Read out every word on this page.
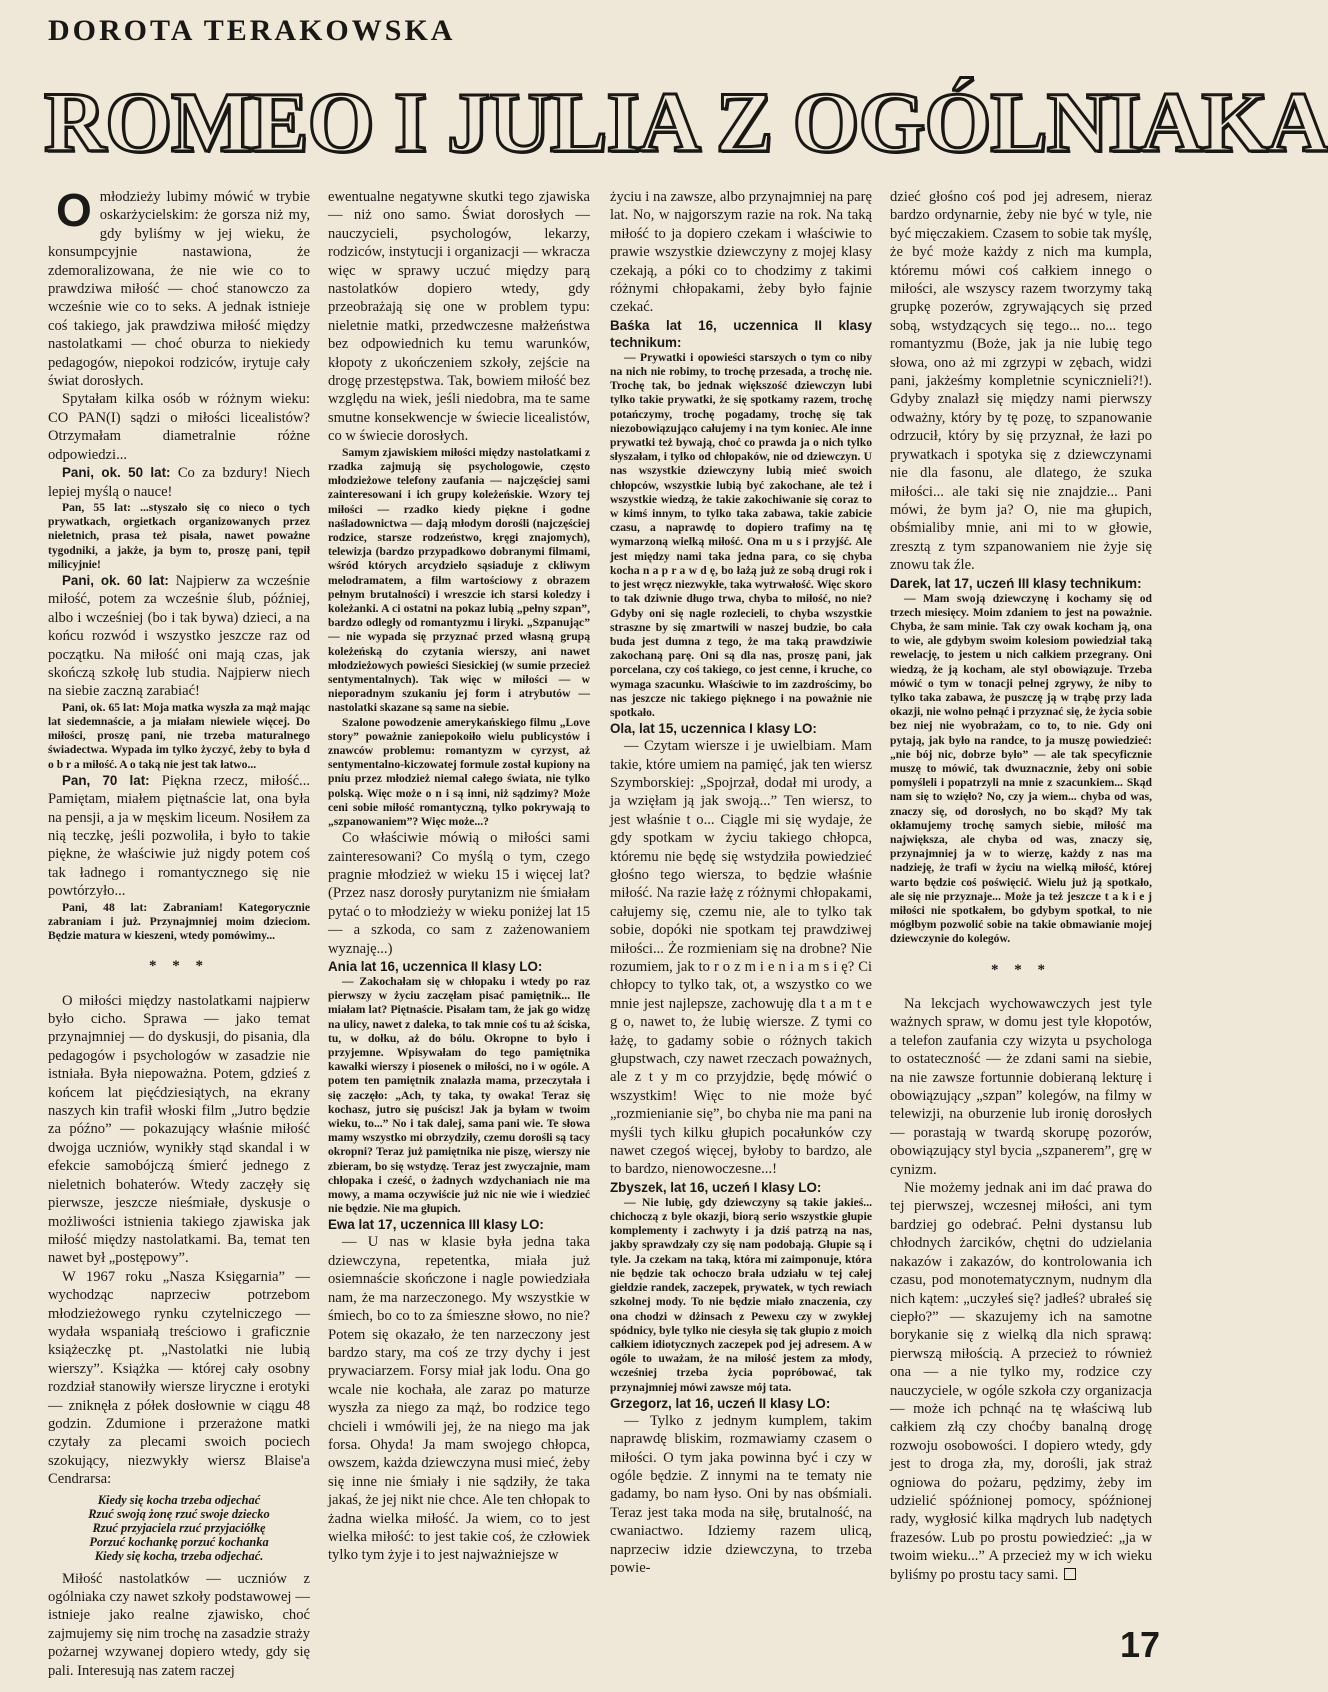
DOROTA TERAKOWSKA
ROMEO I JULIA Z OGÓLNIAKA

Omłodzieży lubimy mówić w trybie oskarżycielskim: że gorsza niż my, gdy byliśmy w jej wieku, że konsumpcyjnie nastawiona, że zdemoralizowana, że nie wie co to prawdziwa miłość — choć stanowczo za wcześnie wie co to seks. A jednak istnieje coś takiego, jak prawdziwa miłość między nastolatkami — choć oburza to niekiedy pedagogów, niepokoi rodziców, irytuje cały świat dorosłych.

Spytałam kilka osób w różnym wieku: CO PAN(I) sądzi o miłości licealistów? Otrzymałam diametralnie różne odpowiedzi...

Pani, ok. 50 lat: Co za bzdury! Niech lepiej myślą o nauce!

Pan, 55 lat: ...styszało się co nieco o tych prywatkach, orgietkach organizowanych przez nieletnich, prasa też pisała, nawet poważne tygodniki, a jakże, ja bym to, proszę pani, tępił milicyjnie!

Pani, ok. 60 lat: Najpierw za wcześnie miłość, potem za wcześnie ślub, później, albo i wcześniej (bo i tak bywa) dzieci, a na końcu rozwód i wszystko jeszcze raz od początku. Na miłość oni mają czas, jak skończą szkołę lub studia. Najpierw niech na siebie zaczną zarabiać!

Pani, ok. 65 lat: Moja matka wyszła za mąż mając lat siedemnaście, a ja miałam niewiele więcej. Do miłości, proszę pani, nie trzeba maturalnego świadectwa. Wypada im tylko życzyć, żeby to była d o b r a miłość. A o taką nie jest tak łatwo...

Pan, 70 lat: Piękna rzecz, miłość... Pamiętam, miałem piętnaście lat, ona była na pensji, a ja w męskim liceum. Nosiłem za nią teczkę, jeśli pozwoliła, i było to takie piękne, że właściwie już nigdy potem coś tak ładnego i romantycznego się nie powtórzyło...

Pani, 48 lat: Zabraniam! Kategorycznie zabraniam i już. Przynajmniej moim dzieciom. Będzie matura w kieszeni, wtedy pomówimy...

* * *

O miłości między nastolatkami najpierw było cicho. Sprawa — jako temat przynajmniej — do dyskusji, do pisania, dla pedagogów i psychologów w zasadzie nie istniała. Była niepoważna. Potem, gdzieś z końcem lat pięćdziesiątych, na ekrany naszych kin trafił włoski film „Jutro będzie za późno” — pokazujący właśnie miłość dwojga uczniów, wynikły stąd skandal i w efekcie samobójczą śmierć jednego z nieletnich bohaterów. Wtedy zaczęły się pierwsze, jeszcze nieśmiałe, dyskusje o możliwości istnienia takiego zjawiska jak miłość między nastolatkami. Ba, temat ten nawet był „postępowy”.

W 1967 roku „Nasza Księgarnia” — wychodząc naprzeciw potrzebom młodzieżowego rynku czytelniczego — wydała wspaniałą treściowo i graficznie książeczkę pt. „Nastolatki nie lubią wierszy”. Książka — której cały osobny rozdział stanowiły wiersze liryczne i erotyki — zniknęła z półek dosłownie w ciągu 48 godzin. Zdumione i przerażone matki czytały za plecami swoich pociech szokujący, niezwykły wiersz Blaise'a Cendrarsa:

Kiedy się kocha trzeba odjechać
Rzuć swoją żonę rzuć swoje dziecko
Rzuć przyjaciela rzuć przyjaciółkę
Porzuć kochankę porzuć kochanka
Kiedy się kocha, trzeba odjechać.

Miłość nastolatków — uczniów z ogólniaka czy nawet szkoły podstawowej — istnieje jako realne zjawisko, choć zajmujemy się nim trochę na zasadzie straży pożarnej wzywanej dopiero wtedy, gdy się pali. Interesują nas zatem raczej

ewentualne negatywne skutki tego zjawiska — niż ono samo. Świat dorosłych — nauczycieli, psychologów, lekarzy, rodziców, instytucji i organizacji — wkracza więc w sprawy uczuć między parą nastolatków dopiero wtedy, gdy przeobrażają się one w problem typu: nieletnie matki, przedwczesne małżeństwa bez odpowiednich ku temu warunków, kłopoty z ukończeniem szkoły, zejście na drogę przestępstwa. Tak, bowiem miłość bez względu na wiek, jeśli niedobra, ma te same smutne konsekwencje w świecie licealistów, co w świecie dorosłych.

Samym zjawiskiem miłości między nastolatkami z rzadka zajmują się psychologowie, często młodzieżowe telefony zaufania — najczęściej sami zainteresowani i ich grupy koleżeńskie. Wzory tej miłości — rzadko kiedy piękne i godne naśladownictwa — dają młodym dorośli (najczęściej rodzice, starsze rodzeństwo, kręgi znajomych), telewizja (bardzo przypadkowo dobranymi filmami, wśród których arcydzieło sąsiaduje z ckliwym melodramatem, a film wartościowy z obrazem pełnym brutalności) i wreszcie ich starsi koledzy i koleżanki. A ci ostatni na pokaz lubią „pełny szpan”, bardzo odległy od romantyzmu i liryki. „Szpanując” — nie wypada się przyznać przed własną grupą koleżeńską do czytania wierszy, ani nawet młodzieżowych powieści Siesickiej (w sumie przecież sentymentalnych). Tak więc w miłości — w nieporadnym szukaniu jej form i atrybutów — nastolatki skazane są same na siebie.

Szalone powodzenie amerykańskiego filmu „Love story” poważnie zaniepokoiło wielu publicystów i znawców problemu: romantyzm w cyrzyst, aż sentymentalno-kiczowatej formule został kupiony na pniu przez młodzież niemal całego świata, nie tylko polską. Więc może o n i są inni, niż sądzimy? Może ceni sobie miłość romantyczną, tylko pokrywają to „szpanowaniem”? Więc może...?

Co właściwie mówią o miłości sami zainteresowani? Co myślą o tym, czego pragnie młodzież w wieku 15 i więcej lat? (Przez nasz dorosły purytanizm nie śmiałam pytać o to młodzieży w wieku poniżej lat 15 — a szkoda, co sam z zażenowaniem wyznaję...)

Ania lat 16, uczennica II klasy LO:

— Zakochałam się w chłopaku i wtedy po raz pierwszy w życiu zaczęłam pisać pamiętnik... Ile miałam lat? Piętnaście. Pisałam tam, że jak go widzę na ulicy, nawet z daleka, to tak mnie coś tu aż ściska, tu, w dołku, aż do bólu. Okropne to było i przyjemne. Wpisywałam do tego pamiętnika kawałki wierszy i piosenek o miłości, no i w ogóle. A potem ten pamiętnik znalazła mama, przeczytała i się zaczęło: „Ach, ty taka, ty owaka! Teraz się kochasz, jutro się puścisz! Jak ja byłam w twoim wieku, to...” No i tak dalej, sama pani wie. Te słowa mamy wszystko mi obrzydziły, czemu dorośli są tacy okropni? Teraz już pamiętnika nie piszę, wierszy nie zbieram, bo się wstydzę. Teraz jest zwyczajnie, mam chłopaka i cześć, o żadnych wzdychaniach nie ma mowy, a mama oczywiście już nic nie wie i wiedzieć nie będzie. Nie ma głupich.

Ewa lat 17, uczennica III klasy LO:

— U nas w klasie była jedna taka dziewczyna, repetentka, miała już osiemnaście skończone i nagle powiedziała nam, że ma narzeczonego. My wszystkie w śmiech, bo co to za śmieszne słowo, no nie? Potem się okazało, że ten narzeczony jest bardzo stary, ma coś ze trzy dychy i jest prywaciarzem. Forsy miał jak lodu. Ona go wcale nie kochała, ale zaraz po maturze wyszła za niego za mąż, bo rodzice tego chcieli i wmówili jej, że na niego ma jak forsa. Ohyda! Ja mam swojego chłopca, owszem, każda dziewczyna musi mieć, żeby się inne nie śmiały i nie sądziły, że taka jakaś, że jej nikt nie chce. Ale ten chłopak to żadna wielka miłość. Ja wiem, co to jest wielka miłość: to jest takie coś, że człowiek tylko tym żyje i to jest najważniejsze w

życiu i na zawsze, albo przynajmniej na parę lat. No, w najgorszym razie na rok. Na taką miłość to ja dopiero czekam i właściwie to prawie wszystkie dziewczyny z mojej klasy czekają, a póki co to chodzimy z takimi różnymi chłopakami, żeby było fajnie czekać.

Baśka lat 16, uczennica II klasy technikum:

— Prywatki i opowieści starszych o tym co niby na nich nie robimy, to trochę przesada, a trochę nie. Trochę tak, bo jednak większość dziewczyn lubi tylko takie prywatki, że się spotkamy razem, trochę potańczymy, trochę pogadamy, trochę się tak niezobowiązująco całujemy i na tym koniec. Ale inne prywatki też bywają, choć co prawda ja o nich tylko słyszałam, i tylko od chłopaków, nie od dziewczyn. U nas wszystkie dziewczyny lubią mieć swoich chłopców, wszystkie lubią być zakochane, ale też i wszystkie wiedzą, że takie zakochiwanie się coraz to w kimś innym, to tylko taka zabawa, takie zabicie czasu, a naprawdę to dopiero trafimy na tę wymarzoną wielką miłość. Ona m u s i przyjść. Ale jest między nami taka jedna para, co się chyba kocha n a p r a w d ę, bo łażą już ze sobą drugi rok i to jest wręcz niezwykłe, taka wytrwałość. Więc skoro to tak dziwnie długo trwa, chyba to miłość, no nie? Gdyby oni się nagle rozlecieli, to chyba wszystkie straszne by się zmartwili w naszej budzie, bo cała buda jest dumna z tego, że ma taką prawdziwie zakochaną parę. Oni są dla nas, proszę pani, jak porcelana, czy coś takiego, co jest cenne, i kruche, co wymaga szacunku. Właściwie to im zazdrościmy, bo nas jeszcze nic takiego pięknego i na poważnie nie spotkało.

Ola, lat 15, uczennica I klasy LO:

— Czytam wiersze i je uwielbiam. Mam takie, które umiem na pamięć, jak ten wiersz Szymborskiej: „Spojrzał, dodał mi urody, a ja wzięłam ją jak swoją...” Ten wiersz, to jest właśnie t o... Ciągle mi się wydaje, że gdy spotkam w życiu takiego chłopca, któremu nie będę się wstydziła powiedzieć głośno tego wiersza, to będzie właśnie miłość. Na razie łażę z różnymi chłopakami, całujemy się, czemu nie, ale to tylko tak sobie, dopóki nie spotkam tej prawdziwej miłości... Że rozmieniam się na drobne? Nie rozumiem, jak to r o z m i e n i a m s i ę? Ci chłopcy to tylko tak, ot, a wszystko co we mnie jest najlepsze, zachowuję dla t a m t e g o, nawet to, że lubię wiersze. Z tymi co łażę, to gadamy sobie o różnych takich głupstwach, czy nawet rzeczach poważnych, ale z t y m co przyjdzie, będę mówić o wszystkim! Więc to nie może być „rozmienianie się”, bo chyba nie ma pani na myśli tych kilku głupich pocałunków czy nawet czegoś więcej, byłoby to bardzo, ale to bardzo, nienowoczesne...!

Zbyszek, lat 16, uczeń I klasy LO:

— Nie lubię, gdy dziewczyny są takie jakieś... chichoczą z byle okazji, biorą serio wszystkie głupie komplementy i zachwyty i ja dziś patrzą na nas, jakby sprawdzały czy się nam podobają. Głupie są i tyle. Ja czekam na taką, która mi zaimponuje, która nie będzie tak ochoczo brała udziału w tej całej giełdzie randek, zaczepek, prywatek, w tych rewiach szkolnej mody. To nie będzie miało znaczenia, czy ona chodzi w dżinsach z Pewexu czy w zwykłej spódnicy, byle tylko nie ciesyła się tak głupio z moich całkiem idiotycznych zaczepek pod jej adresem. A w ogóle to uważam, że na miłość jestem za młody, wcześniej trzeba życia popróbować, tak przynajmniej mówi zawsze mój tata.

Grzegorz, lat 16, uczeń II klasy LO:

— Tylko z jednym kumplem, takim naprawdę bliskim, rozmawiamy czasem o miłości. O tym jaka powinna być i czy w ogóle będzie. Z innymi na te tematy nie gadamy, bo nam łyso. Oni by nas obśmiali. Teraz jest taka moda na siłę, brutalność, na cwaniactwo. Idziemy razem ulicą, naprzeciw idzie dziewczyna, to trzeba powie-

dzieć głośno coś pod jej adresem, nieraz bardzo ordynarnie, żeby nie być w tyle, nie być mięczakiem. Czasem to sobie tak myślę, że być może każdy z nich ma kumpla, któremu mówi coś całkiem innego o miłości, ale wszyscy razem tworzymy taką grupkę pozerów, zgrywających się przed sobą, wstydzących się tego... no... tego romantyzmu (Boże, jak ja nie lubię tego słowa, ono aż mi zgrzypi w zębach, widzi pani, jakżeśmy kompletnie scynicznieli?!). Gdyby znalazł się między nami pierwszy odważny, który by tę pozę, to szpanowanie odrzucił, który by się przyznał, że łazi po prywatkach i spotyka się z dziewczynami nie dla fasonu, ale dlatego, że szuka miłości... ale taki się nie znajdzie... Pani mówi, że bym ja? O, nie ma głupich, obśmialiby mnie, ani mi to w głowie, zresztą z tym szpanowaniem nie żyje się znowu tak źle.

Darek, lat 17, uczeń III klasy technikum:

— Mam swoją dziewczynę i kochamy się od trzech miesięcy. Moim zdaniem to jest na poważnie. Chyba, że sam minie. Tak czy owak kocham ją, ona to wie, ale gdybym swoim kolesiom powiedział taką rewelację, to jestem u nich całkiem przegrany. Oni wiedzą, że ją kocham, ale styl obowiązuje. Trzeba mówić o tym w tonacji pełnej zgrywy, że niby to tylko taka zabawa, że puszczę ją w trąbę przy lada okazji, nie wolno pełnąć i przyznać się, że życia sobie bez niej nie wyobrażam, co to, to nie. Gdy oni pytają, jak było na randce, to ja muszę powiedzieć: „nie bój nic, dobrze było” — ale tak specyficznie muszę to mówić, tak dwuznacznie, żeby oni sobie pomyśleli i popatrzyli na mnie z szacunkiem... Skąd nam się to wzięło? No, czy ja wiem... chyba od was, znaczy się, od dorosłych, no bo skąd? My tak okłamujemy trochę samych siebie, miłość ma największa, ale chyba od was, znaczy się, przynajmniej ja w to wierzę, każdy z nas ma nadzieję, że trafi w życiu na wielką miłość, której warto będzie coś poświęcić. Wielu już ją spotkało, ale się nie przyznaje... Może ja też jeszcze t a k i e j miłości nie spotkałem, bo gdybym spotkał, to nie mógłbym pozwolić sobie na takie obmawianie mojej dziewczynie do kolegów.

* * *

Na lekcjach wychowawczych jest tyle ważnych spraw, w domu jest tyle kłopotów, a telefon zaufania czy wizyta u psychologa to ostateczność — że zdani sami na siebie, na nie zawsze fortunnie dobieraną lekturę i obowiązujący „szpan” kolegów, na filmy w telewizji, na oburzenie lub ironię dorosłych — porastają w twardą skorupę pozorów, obowiązujący styl bycia „szpanerem”, grę w cynizm.

Nie możemy jednak ani im dać prawa do tej pierwszej, wczesnej miłości, ani tym bardziej go odebrać. Pełni dystansu lub chłodnych żarcików, chętni do udzielania nakazów i zakazów, do kontrolowania ich czasu, pod monotematycznym, nudnym dla nich kątem: „uczyłeś się? jadłeś? ubrałeś się ciepło?” — skazujemy ich na samotne borykanie się z wielką dla nich sprawą: pierwszą miłością. A przecież to również ona — a nie tylko my, rodzice czy nauczyciele, w ogóle szkoła czy organizacja — może ich pchnąć na tę właściwą lub całkiem złą czy choćby banalną drogę rozwoju osobowości. I dopiero wtedy, gdy jest to droga zła, my, dorośli, jak straż ogniowa do pożaru, pędzimy, żeby im udzielić spóźnionej pomocy, spóźnionej rady, wygłosić kilka mądrych lub nadętych frazesów. Lub po prostu powiedzieć: „ja w twoim wieku...” A przecież my w ich wieku byliśmy po prostu tacy sami.

17
